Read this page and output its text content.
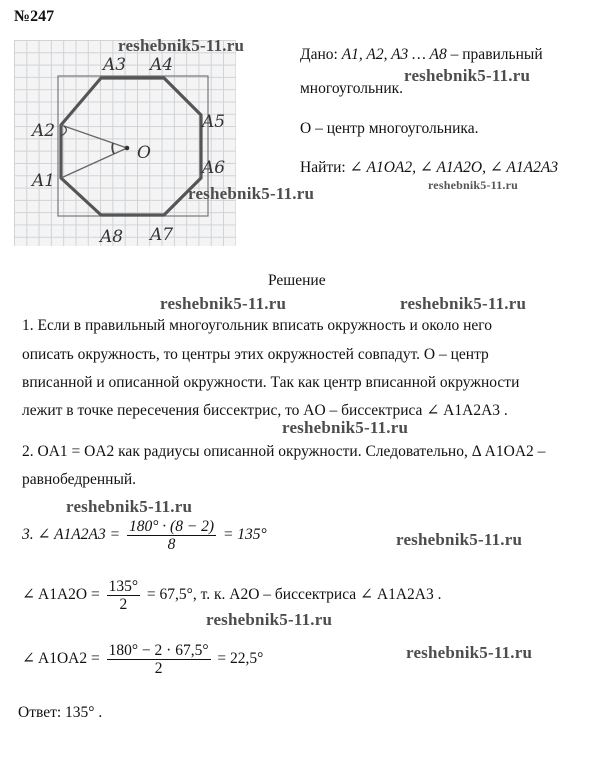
№247
A3 A4
A5
A6
A7
A8
A2
A1
O
reshebnik5-11.ru
reshebnik5-11.ru
reshebnik5-11.ru	reshebnik5-11.ru
reshebnik5-11.ru	reshebnik5-11.ru
reshebnik5-11.ru
reshebnik5-11.ru
reshebnik5-11.ru
reshebnik5-11.ru
reshebnik5-11.ru
Дано: A1, A2, A3 … A8 – правильный
многоугольник.
O – центр многоугольника.
Найти: ∠ A1OA2, ∠ A1A2O, ∠ A1A2A3
Решение
1. Если в правильный многоугольник вписать окружность и около него
описать окружность, то центры этих окружностей совпадут. O – центр
вписанной и описанной окружности. Так как центр вписанной окружности
лежит в точке пересечения биссектрис, то AO – биссектриса ∠ A1A2A3 .
2. OA1 = OA2 как радиусы описанной окружности. Следовательно, Δ A1OA2 –
равнобедренный.
3. ∠ $A1A2A3 = \frac{180^\circ \cdot (8 - 2)}{8} = 135^\circ$
∠ $A1A2O = \frac{135^\circ}{2} = 67,5^\circ$, т. к. A2O – биссектриса ∠ A1A2A3 .
∠ $A1OA2 = \frac{180^\circ - 2 \cdot 67,5^\circ}{2} = 22,5^\circ$
Ответ: 135° .
